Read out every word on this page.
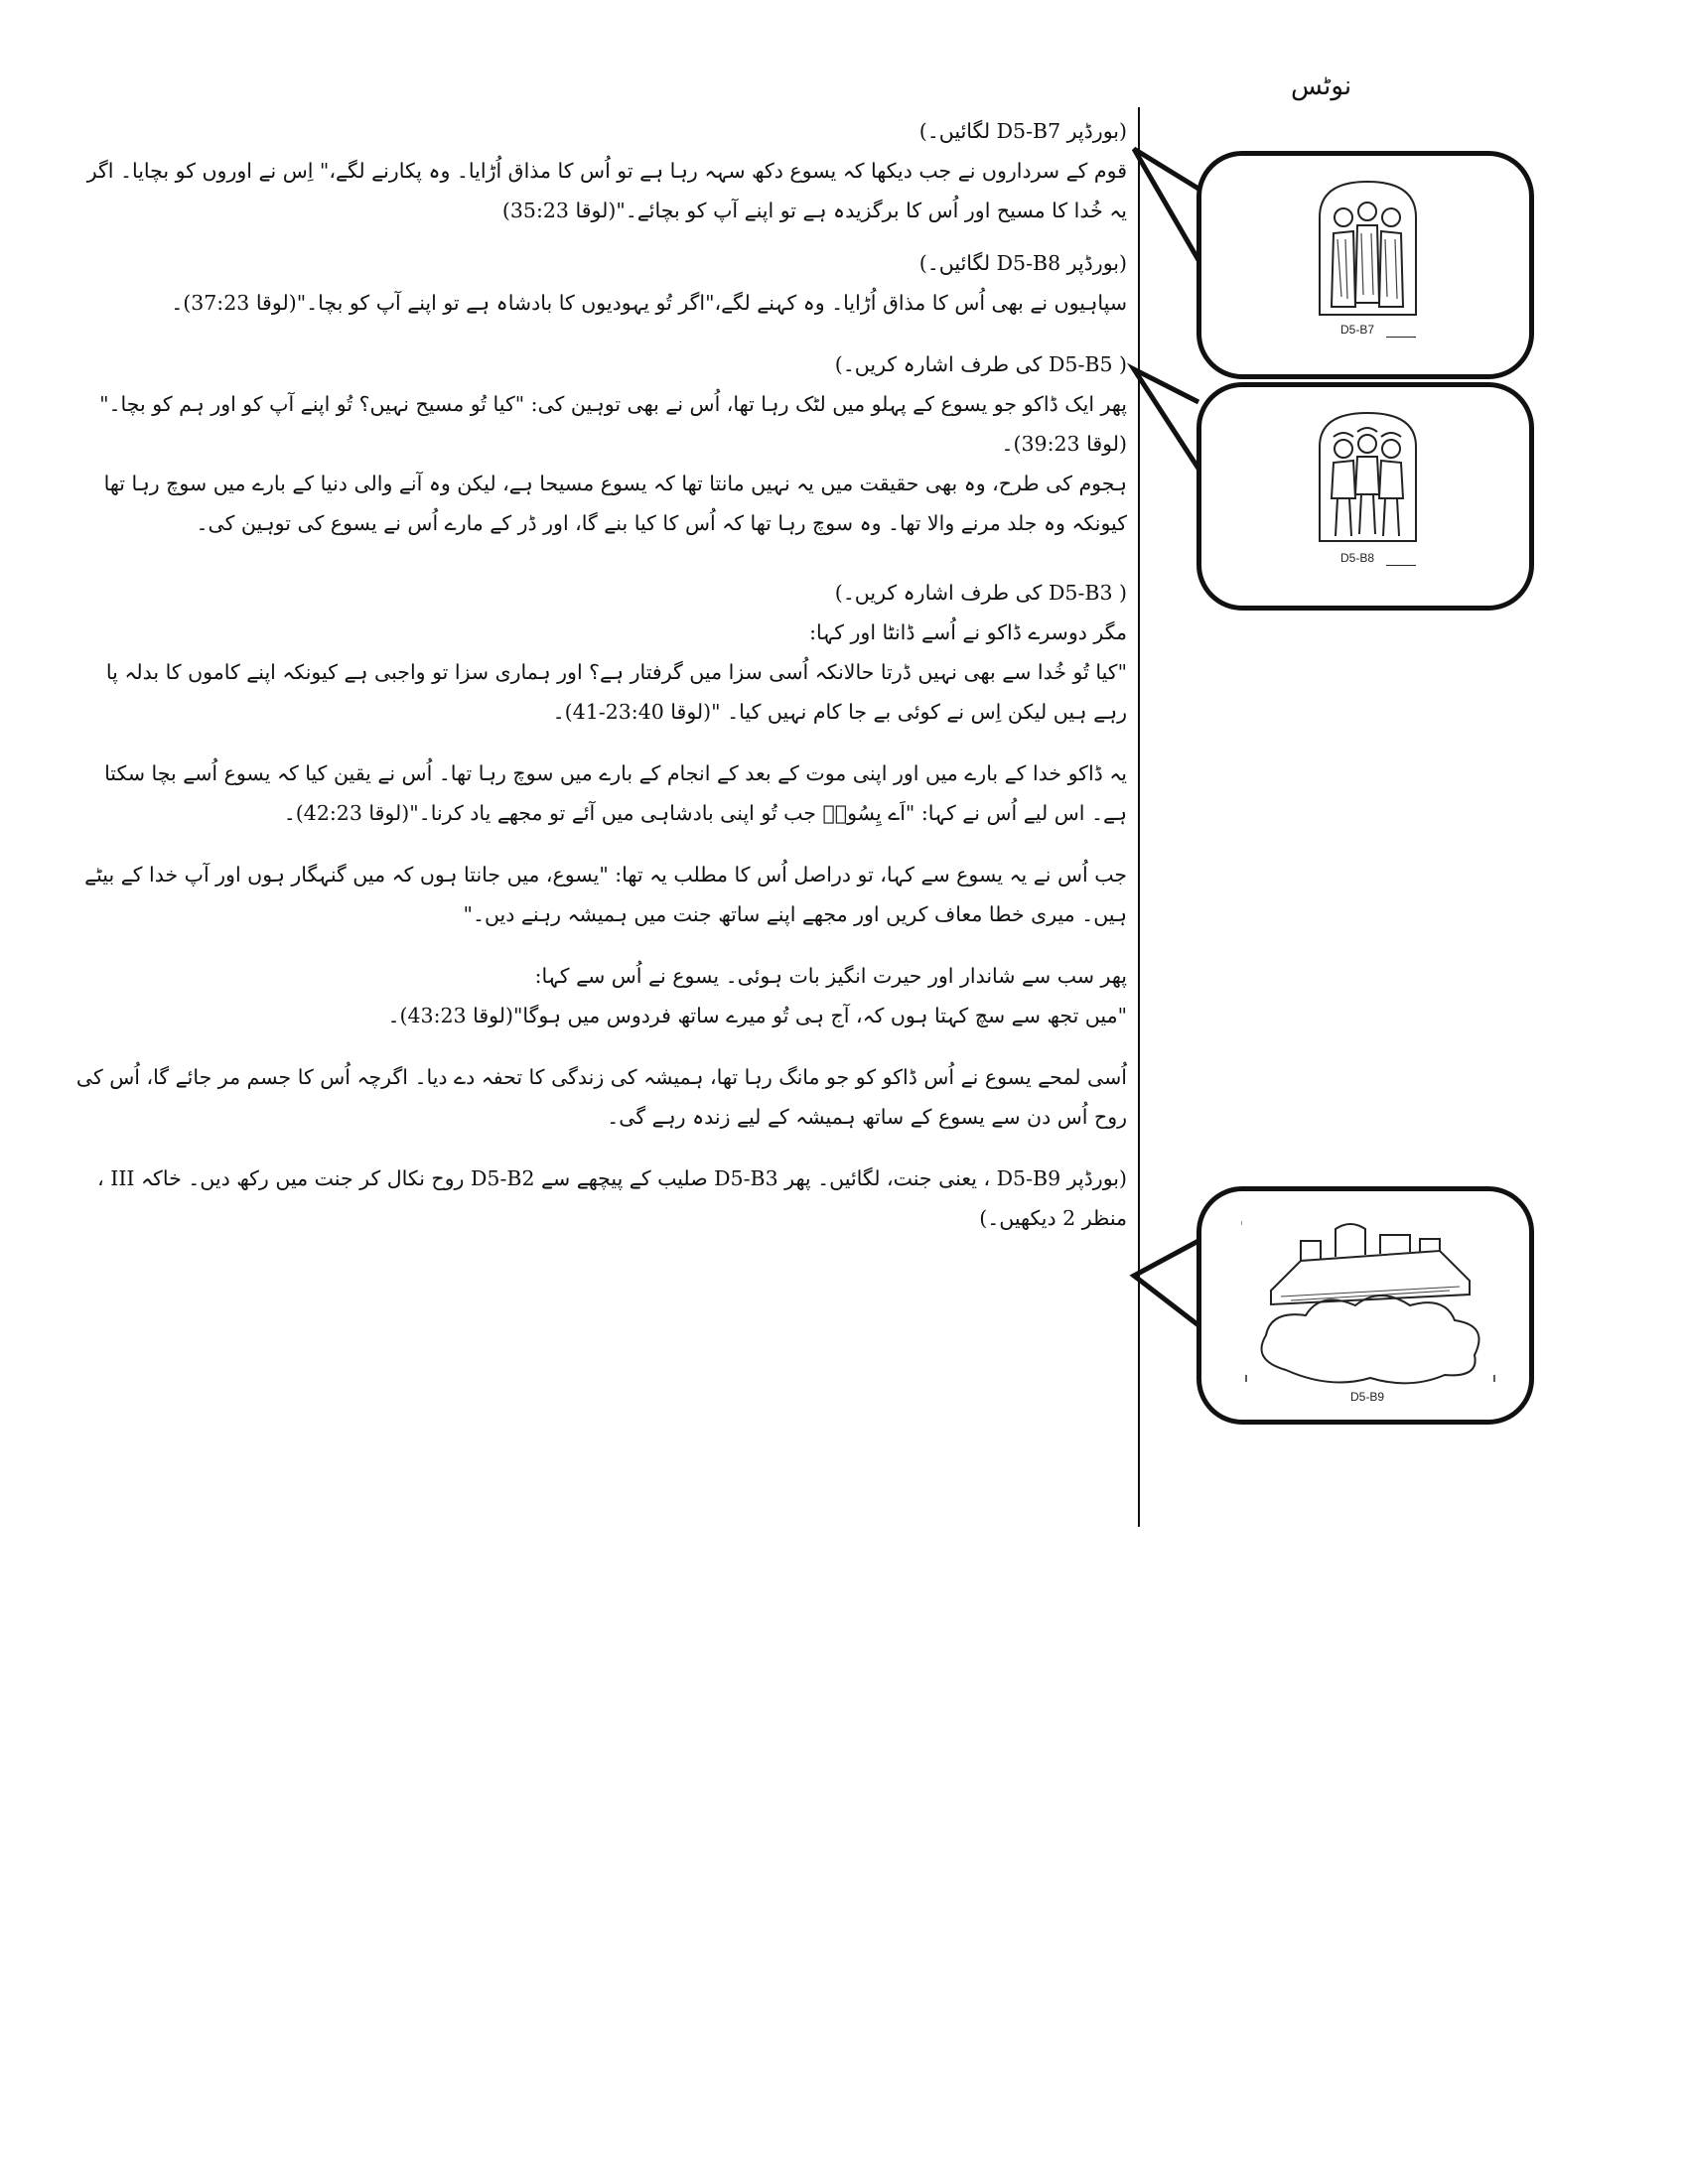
نوٹس

(بورڈپر D5-B7 لگائیں۔)

قوم کے سرداروں نے جب دیکھا کہ یسوع دکھ سہہ رہا ہے تو اُس کا مذاق اُڑایا۔ وہ پکارنے لگے،" اِس نے اوروں کو بچایا۔ اگر یہ خُدا کا مسیح اور اُس کا برگزیدہ ہے تو اپنے آپ کو بچائے۔"(لوقا 35:23)

(بورڈپر D5-B8 لگائیں۔)

سپاہیوں نے بھی اُس کا مذاق اُڑایا۔ وہ کہنے لگے،"اگر تُو یہودیوں کا بادشاہ ہے تو اپنے آپ کو بچا۔"(لوقا 37:23)۔

( D5-B5 کی طرف اشارہ کریں۔)

پھر ایک ڈاکو جو یسوع کے پہلو میں لٹک رہا تھا، اُس نے بھی توہین کی: "کیا تُو مسیح نہیں؟ تُو اپنے آپ کو اور ہم کو بچا۔"(لوقا 39:23)۔

ہجوم کی طرح، وہ بھی حقیقت میں یہ نہیں مانتا تھا کہ یسوع مسیحا ہے، لیکن وہ آنے والی دنیا کے بارے میں سوچ رہا تھا کیونکہ وہ جلد مرنے والا تھا۔ وہ سوچ رہا تھا کہ اُس کا کیا بنے گا، اور ڈر کے مارے اُس نے یسوع کی توہین کی۔

( D5-B3 کی طرف اشارہ کریں۔)

مگر دوسرے ڈاکو نے اُسے ڈانٹا اور کہا:

"کیا تُو خُدا سے بھی نہیں ڈرتا حالانکہ اُسی سزا میں گرفتار ہے؟ اور ہماری سزا تو واجبی ہے کیونکہ اپنے کاموں کا بدلہ پا رہے ہیں لیکن اِس نے کوئی بے جا کام نہیں کیا۔ "(لوقا 23:40-41)۔

یہ ڈاکو خدا کے بارے میں اور اپنی موت کے بعد کے انجام کے بارے میں سوچ رہا تھا۔ اُس نے یقین کیا کہ یسوع اُسے بچا سکتا ہے۔ اس لیے اُس نے کہا: "اَے یِسُوعؔ جب تُو اپنی بادشاہی میں آئے تو مجھے یاد کرنا۔"(لوقا 42:23)۔

جب اُس نے یہ یسوع سے کہا، تو دراصل اُس کا مطلب یہ تھا: "یسوع، میں جانتا ہوں کہ میں گنہگار ہوں اور آپ خدا کے بیٹے ہیں۔ میری خطا معاف کریں اور مجھے اپنے ساتھ جنت میں ہمیشہ رہنے دیں۔"

پھر سب سے شاندار اور حیرت انگیز بات ہوئی۔ یسوع نے اُس سے کہا:

"میں تجھ سے سچ کہتا ہوں کہ، آج ہی تُو میرے ساتھ فردوس میں ہوگا"(لوقا 43:23)۔

اُسی لمحے یسوع نے اُس ڈاکو کو جو مانگ رہا تھا، ہمیشہ کی زندگی کا تحفہ دے دیا۔ اگرچہ اُس کا جسم مر جائے گا، اُس کی روح اُس دن سے یسوع کے ساتھ ہمیشہ کے لیے زندہ رہے گی۔

(بورڈپر D5-B9 ، یعنی جنت، لگائیں۔ پھر D5-B3 صلیب کے پیچھے سے D5-B2 روح نکال کر جنت میں رکھ دیں۔ خاکہ III ، منظر 2 دیکھیں۔)

D5-B7
D5-B8
D5-B9
